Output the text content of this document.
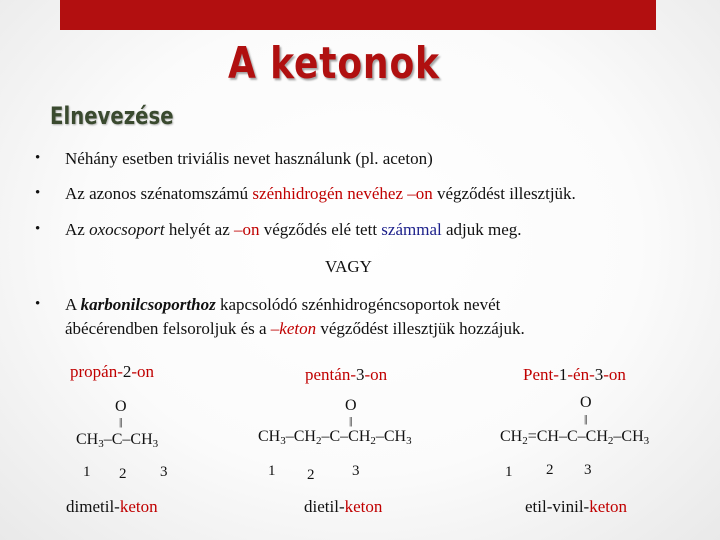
A ketonok
Elnevezése
• Néhány esetben triviális nevet használunk (pl. aceton)
• Az azonos szénatomszámú szénhidrogén nevéhez –on végződést illesztjük.
• Az oxocsoport helyét az –on végződés elé tett számmal adjuk meg.
VAGY
• A karbonilcsoporthoz kapcsolódó szénhidrogéncsoportok nevét
ábécérendben felsoroljuk és a –keton végződést illesztjük hozzájuk.
propán-2-on
O
||
$CH_3-C-CH_3$
1 2 3
dimetil-keton
pentán-3-on
O
||
$CH_3-CH_2-C-CH_2-CH_3$
1 2	3
dietil-keton
Pent-1-én-3-on
O
||
$CH_2=CH-C-CH_2-CH_3$
1 2 3
etil-vinil-keton
